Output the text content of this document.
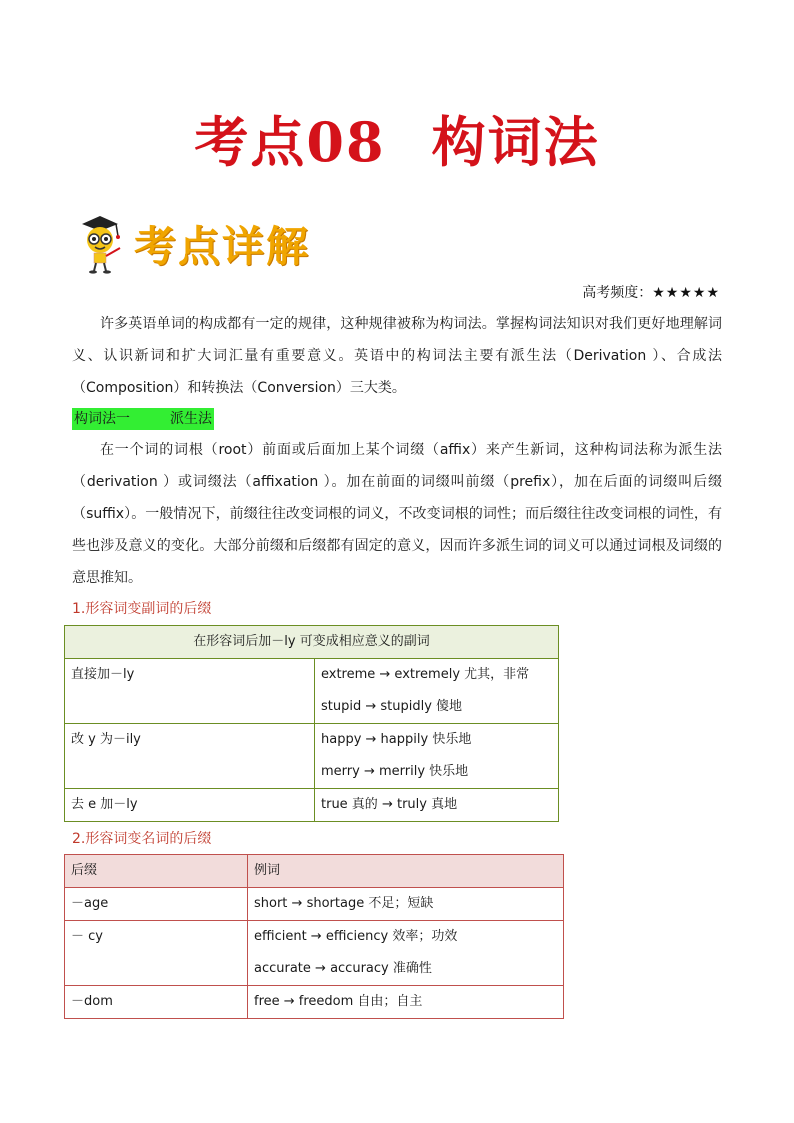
考点08 构词法
考点详解
高考频度：★★★★★

许多英语单词的构成都有一定的规律，这种规律被称为构词法。掌握构词法知识对我们更好地理解词义、认识新词和扩大词汇量有重要意义。英语中的构词法主要有派生法（Derivation ）、合成法（Composition）和转换法（Conversion）三大类。

构词法一	派生法

在一个词的词根（root）前面或后面加上某个词缀（affix）来产生新词，这种构词法称为派生法（derivation ）或词缀法（affixation ）。加在前面的词缀叫前缀（prefix），加在后面的词缀叫后缀（suffix）。一般情况下，前缀往往改变词根的词义，不改变词根的词性；而后缀往往改变词根的词性，有些也涉及意义的变化。大部分前缀和后缀都有固定的意义，因而许多派生词的词义可以通过词根及词缀的意思推知。

1.形容词变副词的后缀
在形容词后加－ly 可变成相应意义的副词	

直接加－ly	extreme → extremely 尤其，非常
stupid → stupidly 傻地

改 y 为－ily	happy → happily 快乐地
merry → merrily 快乐地

去 e 加－ly	true 真的 → truly 真地
2.形容词变名词的后缀
后缀	例词

－age	short → shortage 不足；短缺

－ cy	efficient → efficiency 效率；功效
accurate → accuracy 准确性

－dom	free → freedom 自由；自主
